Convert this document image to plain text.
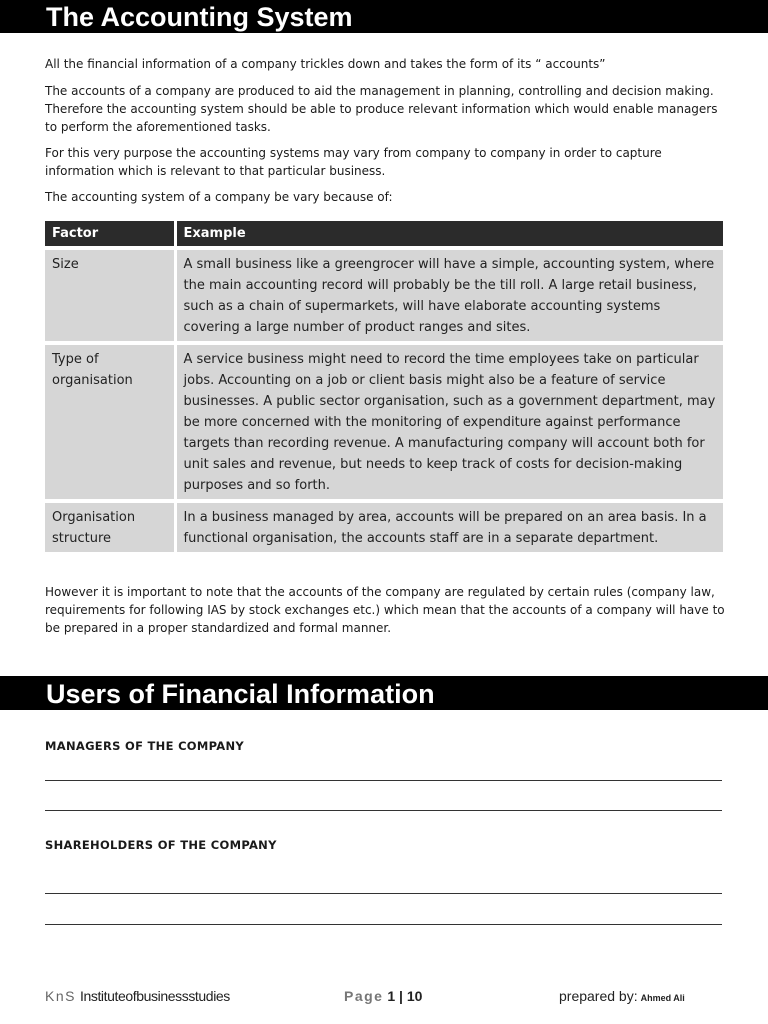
The Accounting System

All the financial information of a company trickles down and takes the form of its “ accounts”

The accounts of a company are produced to aid the management in planning, controlling and decision making. Therefore the accounting system should be able to produce relevant information which would enable managers to perform the aforementioned tasks.

For this very purpose the accounting systems may vary from company to company in order to capture information which is relevant to that particular business.

The accounting system of a company be vary because of:

Factor	Example
Size	A small business like a greengrocer will have a simple, accounting system, where the main accounting record will probably be the till roll. A large retail business, such as a chain of supermarkets, will have elaborate accounting systems covering a large number of product ranges and sites.
Type of organisation	A service business might need to record the time employees take on particular jobs. Accounting on a job or client basis might also be a feature of service businesses. A public sector organisation, such as a government department, may be more concerned with the monitoring of expenditure against performance targets than recording revenue. A manufacturing company will account both for unit sales and revenue, but needs to keep track of costs for decision-making purposes and so forth.
Organisation structure	In a business managed by area, accounts will be prepared on an area basis. In a functional organisation, the accounts staff are in a separate department.

However it is important to note that the accounts of the company are regulated by certain rules (company law, requirements for following IAS by stock exchanges etc.) which mean that the accounts of a company will have to be prepared in a proper standardized and formal manner.

Users of Financial Information
MANAGERS OF THE COMPANY
SHAREHOLDERS OF THE COMPANY
KnS Instituteofbusinessstudies	Page 1 | 10	prepared by: Ahmed Ali
